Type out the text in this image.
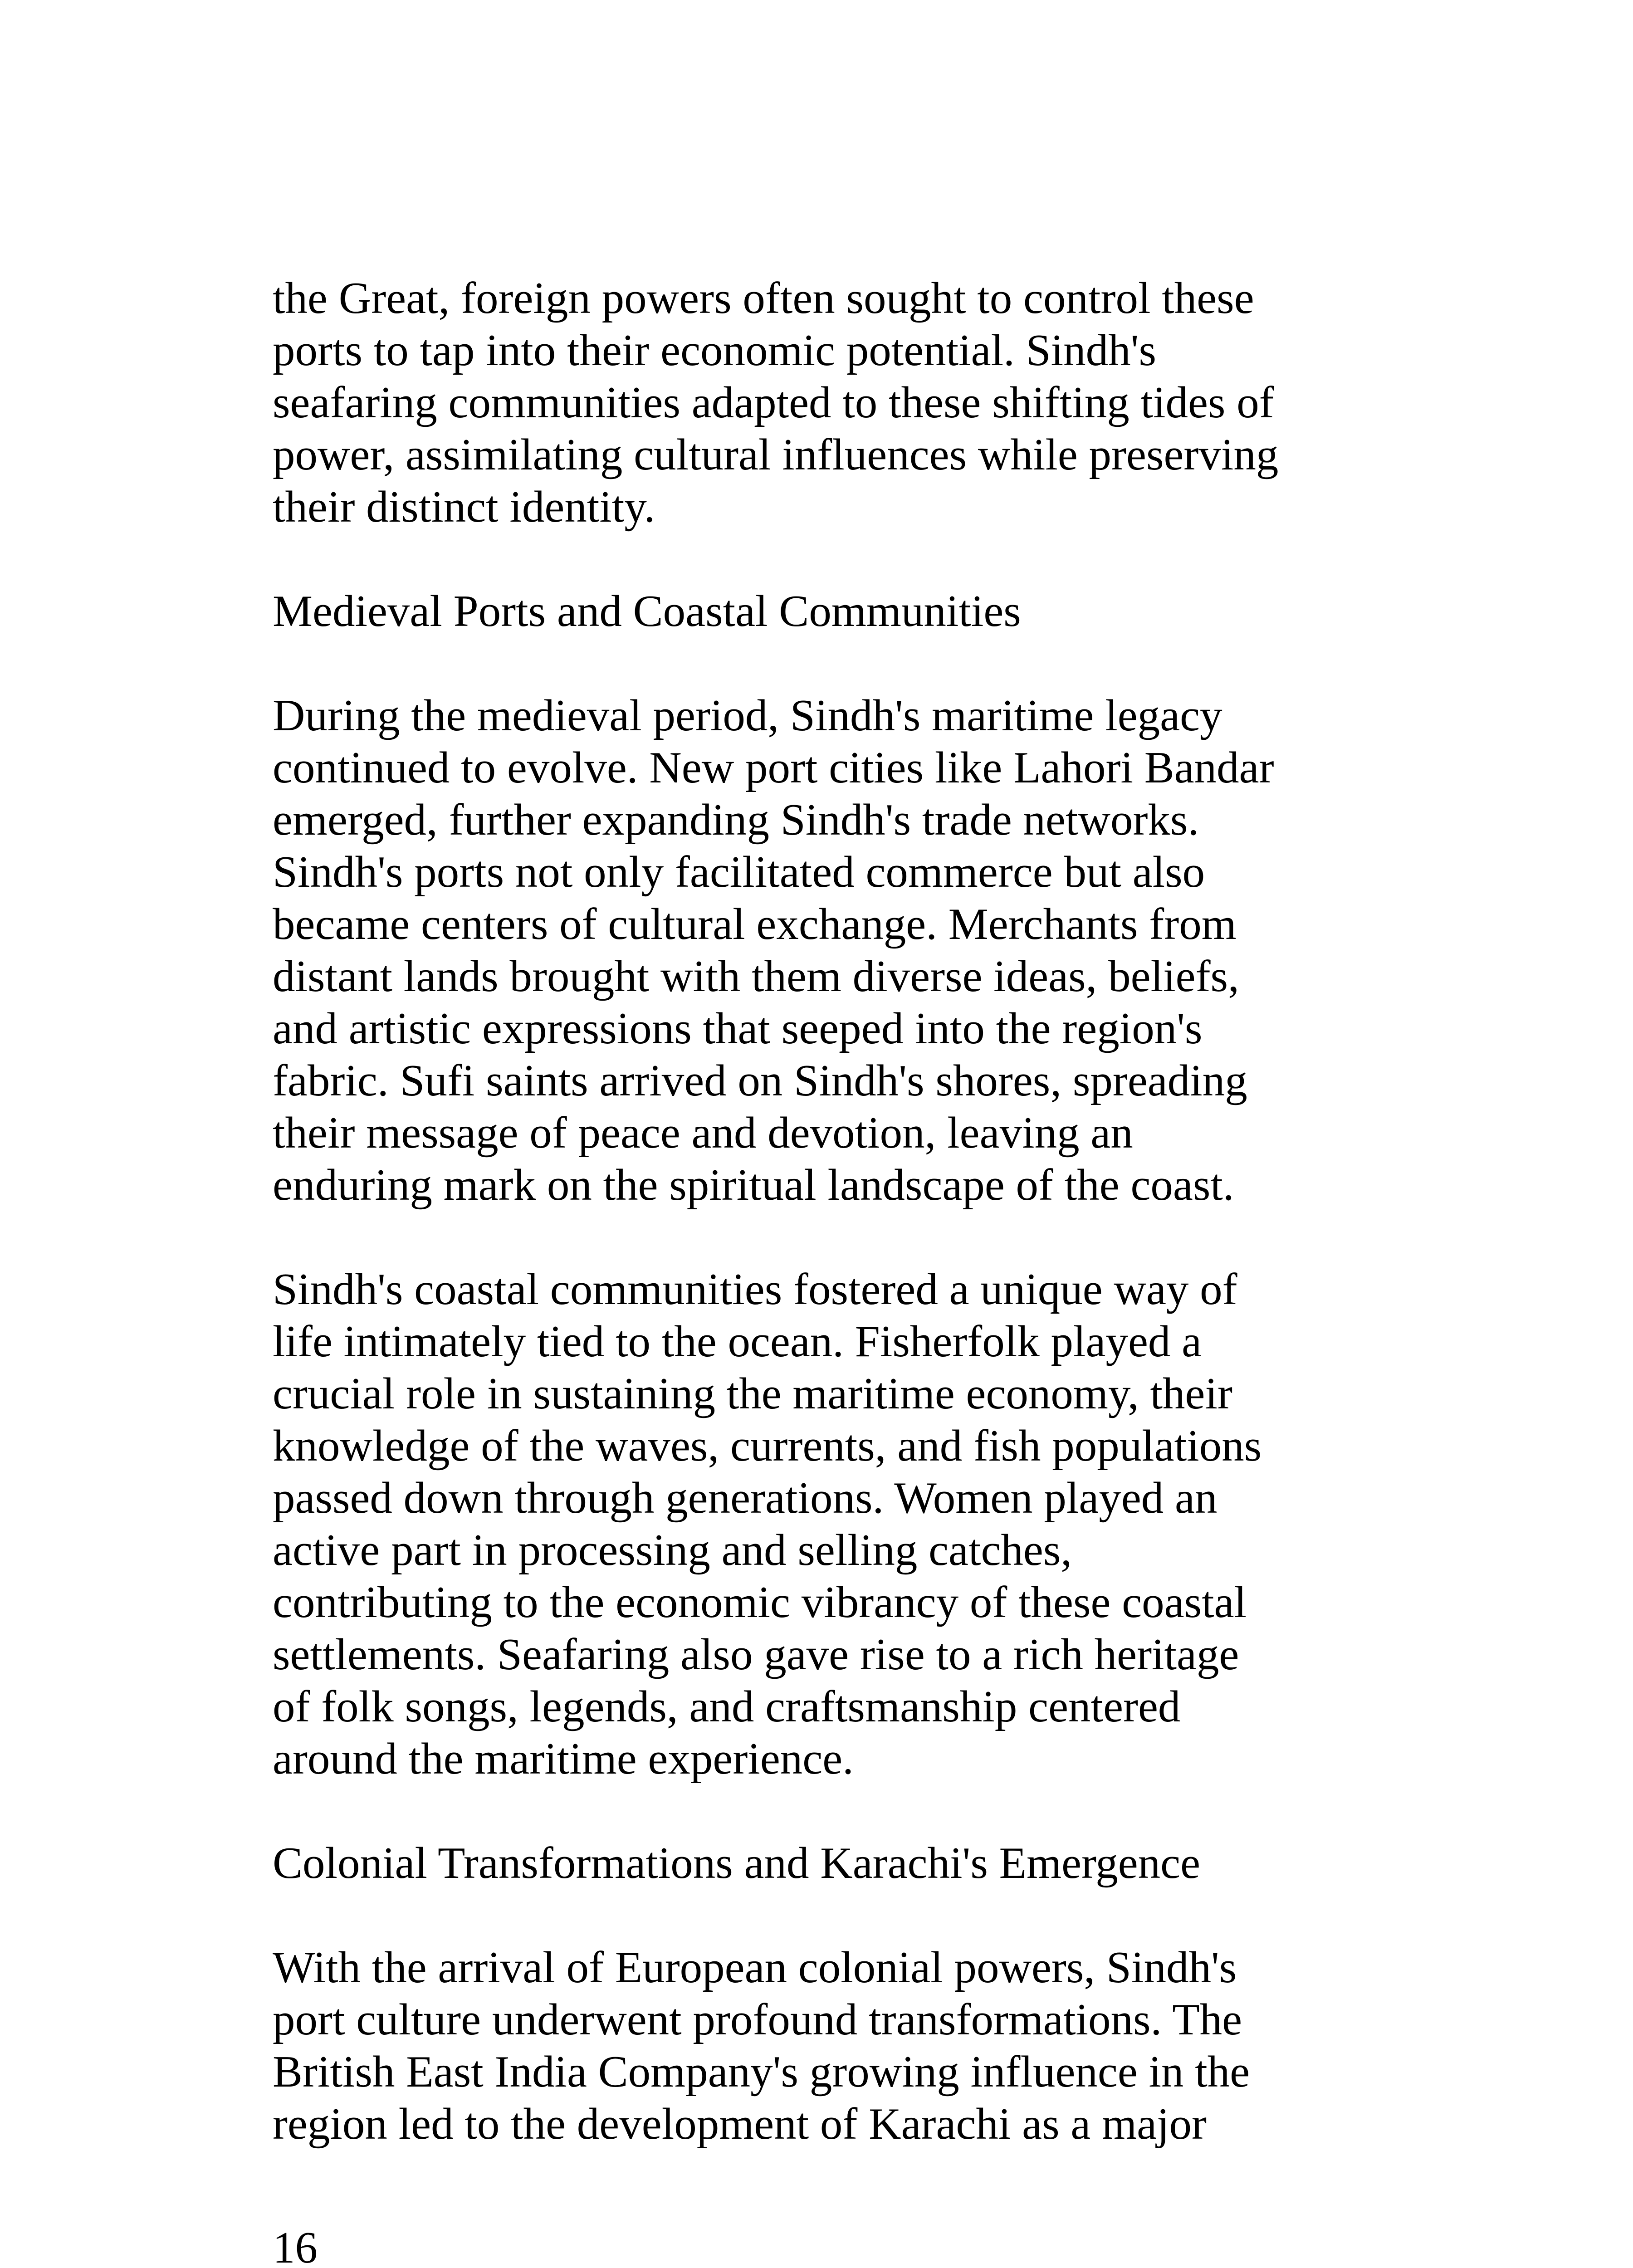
the Great, foreign powers often sought to control these
ports to tap into their economic potential. Sindh's
seafaring communities adapted to these shifting tides of
power, assimilating cultural influences while preserving
their distinct identity.

Medieval Ports and Coastal Communities

During the medieval period, Sindh's maritime legacy
continued to evolve. New port cities like Lahori Bandar
emerged, further expanding Sindh's trade networks.
Sindh's ports not only facilitated commerce but also
became centers of cultural exchange. Merchants from
distant lands brought with them diverse ideas, beliefs,
and artistic expressions that seeped into the region's
fabric. Sufi saints arrived on Sindh's shores, spreading
their message of peace and devotion, leaving an
enduring mark on the spiritual landscape of the coast.

Sindh's coastal communities fostered a unique way of
life intimately tied to the ocean. Fisherfolk played a
crucial role in sustaining the maritime economy, their
knowledge of the waves, currents, and fish populations
passed down through generations. Women played an
active part in processing and selling catches,
contributing to the economic vibrancy of these coastal
settlements. Seafaring also gave rise to a rich heritage
of folk songs, legends, and craftsmanship centered
around the maritime experience.

Colonial Transformations and Karachi's Emergence

With the arrival of European colonial powers, Sindh's
port culture underwent profound transformations. The
British East India Company's growing influence in the
region led to the development of Karachi as a major

16
